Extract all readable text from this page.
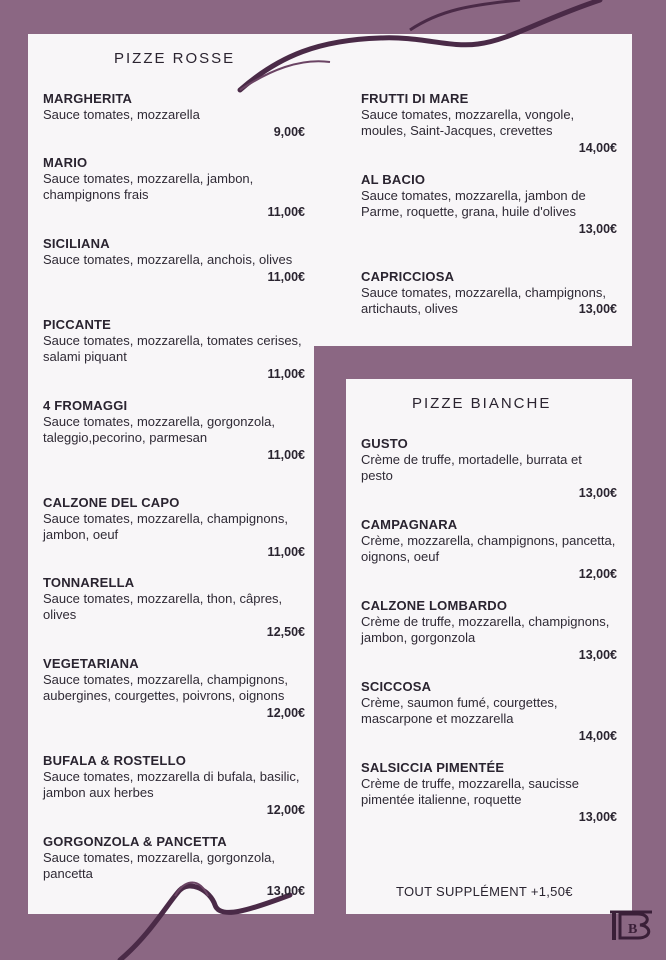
PIZZE ROSSE
PIZZE BIANCHE
MARGHERITA
Sauce tomates, mozzarella
9,00€
MARIO
Sauce tomates, mozzarella, jambon, champignons frais
11,00€
SICILIANA
Sauce tomates, mozzarella, anchois, olives
11,00€
PICCANTE
Sauce tomates, mozzarella, tomates cerises, salami piquant
11,00€
4 FROMAGGI
Sauce tomates, mozzarella, gorgonzola, taleggio,pecorino, parmesan
11,00€
CALZONE DEL CAPO
Sauce tomates, mozzarella, champignons, jambon, oeuf
11,00€
TONNARELLA
Sauce tomates, mozzarella, thon, câpres, olives
12,50€
VEGETARIANA
Sauce tomates, mozzarella, champignons, aubergines, courgettes, poivrons, oignons
12,00€
BUFALA & ROSTELLO
Sauce tomates, mozzarella di bufala, basilic, jambon aux herbes
12,00€
GORGONZOLA & PANCETTA
Sauce tomates, mozzarella, gorgonzola, pancetta
13,00€
FRUTTI DI MARE
Sauce tomates, mozzarella, vongole, moules, Saint-Jacques, crevettes
14,00€
AL BACIO
Sauce tomates, mozzarella, jambon de Parme, roquette, grana, huile d'olives
13,00€
CAPRICCIOSA
Sauce tomates, mozzarella, champignons, artichauts, olives	13,00€
GUSTO
Crème de truffe, mortadelle, burrata et pesto
13,00€
CAMPAGNARA
Crème, mozzarella, champignons, pancetta, oignons, oeuf
12,00€
CALZONE LOMBARDO
Crème de truffe, mozzarella, champignons, jambon, gorgonzola
13,00€
SCICCOSA
Crème, saumon fumé, courgettes, mascarpone et mozzarella
14,00€
SALSICCIA PIMENTÉE
Crème de truffe, mozzarella, saucisse pimentée italienne, roquette
13,00€
TOUT SUPPLÉMENT +1,50€
B
